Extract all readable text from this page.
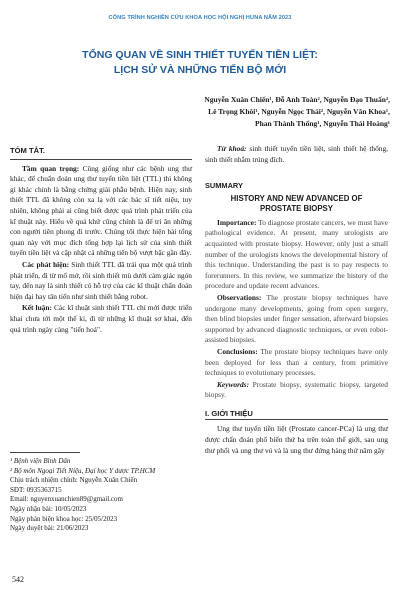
CÔNG TRÌNH NGHIÊN CỨU KHOA HỌC HỘI NGHỊ HUNA NĂM 2023
TỔNG QUAN VỀ SINH THIẾT TUYẾN TIỀN LIỆT:
LỊCH SỬ VÀ NHỮNG TIẾN BỘ MỚI
Nguyễn Xuân Chiến¹, Đỗ Anh Toàn², Nguyễn Đạo Thuấn²,
Lê Trọng Khôi¹, Nguyễn Ngọc Thái², Nguyễn Văn Khoa¹,
Phan Thành Thống¹, Nguyễn Thái Hoàng¹
TÓM TẮT.

Tầm quan trọng: Cũng giống như các bệnh ung thư khác, để chuẩn đoán ung thư tuyến tiền liệt (TTL) thì không gì khác chính là bằng chứng giải phẫu bệnh. Hiện nay, sinh thiết TTL đã không còn xa lạ với các bác sĩ tiết niệu, tuy nhiên, không phải ai cũng biết được quá trình phát triển của kĩ thuật này. Hiểu về quá khứ cũng chính là để tri ân những con người tiên phong đi trước. Chúng tôi thực hiện bài tổng quan này với mục đích tổng hợp lại lịch sử của sinh thiết tuyến tiền liệt và cập nhật cá những tiến bộ vượt bậc gần đây.

Các phát hiện: Sinh thiết TTL đã trải qua một quá trình phát triển, đi từ mổ mở, rồi sinh thiết mù dưới cảm giác ngón tay, đến nay là sinh thiết có hỗ trợ của các kĩ thuật chẩn đoán hiện đại hay tân tiến như sinh thiết bằng robot.

Kết luận: Các kĩ thuật sinh thiết TTL chỉ mới được triển khai chưa tới một thế kỉ, đi từ những kĩ thuật sơ khai, đến quá trình ngày càng "tiến hoá".

¹ Bệnh viện Bình Dân
² Bộ môn Ngoại Tiết Niệu, Đại học Y dược TP.HCM
Chịu trách nhiệm chính: Nguyễn Xuân Chiến
SĐT: 0935363715
Email: nguyenxuanchien89@gmail.com
Ngày nhận bài: 10/05/2023
Ngày phản biện khoa học: 25/05/2023
Ngày duyệt bài: 21/06/2023

Từ khoá: sinh thiết tuyến tiền liệt, sinh thiết hệ thống, sinh thiết nhắm trúng đích.

SUMMARY
HISTORY AND NEW ADVANCED OF
PROSTATE BIOPSY

Importance: To diagnose prostate cancers, we must have pathological evidence. At present, many urologists are acquainted with prostate biopsy. However, only just a small number of the urologists knows the developmental history of this technique. Understanding the past is to pay respects to forerunners. In this review, we summarize the history of the procedure and update recent advances.

Observations: The prostate biopsy techniques have undergone many developments, going from open surgery, then blind biopsies under finger sensation, afterward biopsies supported by advanced diagnostic techniques, or even robot-assisted biopsies.

Conclusions: The prostate biopsy techniques have only been deployed for less than a century, from primitive techniques to evolutionary processes.

Keywords: Prostate biopsy, systematic biopsy, targeted biopsy.

I. GIỚI THIỆU

Ung thư tuyến tiền liệt (Prostate cancer-PCa) là ung thư được chẩn đoán phổ biến thứ ba trên toàn thế giới, sau ung thư phổi và ung thư vú và là ung thư đứng hàng thứ năm gây

542
